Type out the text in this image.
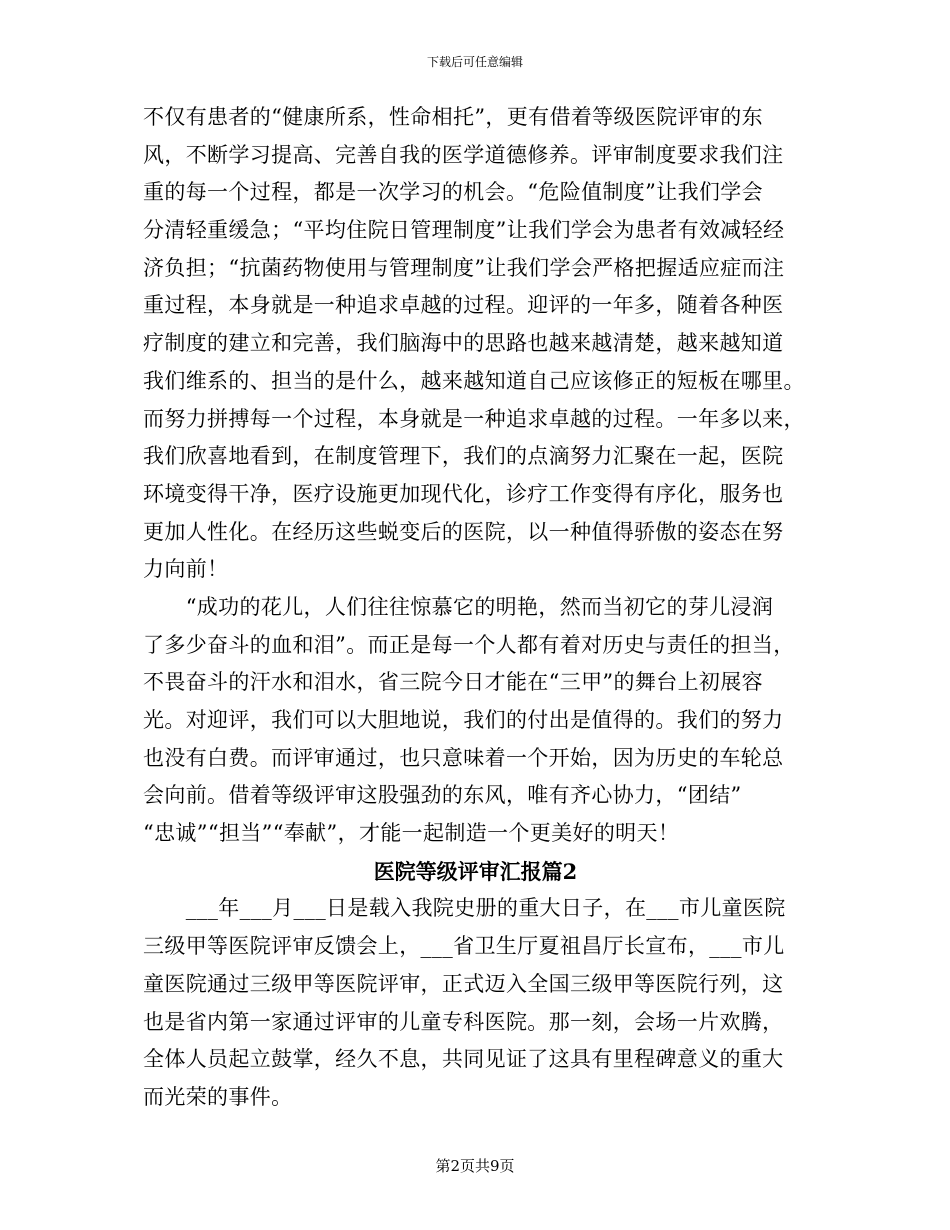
下载后可任意编辑
不仅有患者的“健康所系，性命相托”，更有借着等级医院评审的东
风，不断学习提高、完善自我的医学道德修养。评审制度要求我们注
重的每一个过程，都是一次学习的机会。“危险值制度”让我们学会
分清轻重缓急；“平均住院日管理制度”让我们学会为患者有效减轻经
济负担；“抗菌药物使用与管理制度”让我们学会严格把握适应症而注
重过程，本身就是一种追求卓越的过程。迎评的一年多，随着各种医
疗制度的建立和完善，我们脑海中的思路也越来越清楚，越来越知道
我们维系的、担当的是什么，越来越知道自己应该修正的短板在哪里。
而努力拼搏每一个过程，本身就是一种追求卓越的过程。一年多以来，
我们欣喜地看到，在制度管理下，我们的点滴努力汇聚在一起，医院
环境变得干净，医疗设施更加现代化，诊疗工作变得有序化，服务也
更加人性化。在经历这些蜕变后的医院，以一种值得骄傲的姿态在努
力向前！
　　“成功的花儿，人们往往惊慕它的明艳，然而当初它的芽儿浸润
了多少奋斗的血和泪”。而正是每一个人都有着对历史与责任的担当，
不畏奋斗的汗水和泪水，省三院今日才能在“三甲”的舞台上初展容
光。对迎评，我们可以大胆地说，我们的付出是值得的。我们的努力
也没有白费。而评审通过，也只意味着一个开始，因为历史的车轮总
会向前。借着等级评审这股强劲的东风，唯有齐心协力，“团结”
“忠诚”“担当”“奉献”，才能一起制造一个更美好的明天！
医院等级评审汇报篇2
　　___年___月___日是载入我院史册的重大日子，在___市儿童医院
三级甲等医院评审反馈会上，___省卫生厅夏祖昌厅长宣布，___市儿
童医院通过三级甲等医院评审，正式迈入全国三级甲等医院行列，这
也是省内第一家通过评审的儿童专科医院。那一刻，会场一片欢腾，
全体人员起立鼓掌，经久不息，共同见证了这具有里程碑意义的重大
而光荣的事件。
第2页共9页
